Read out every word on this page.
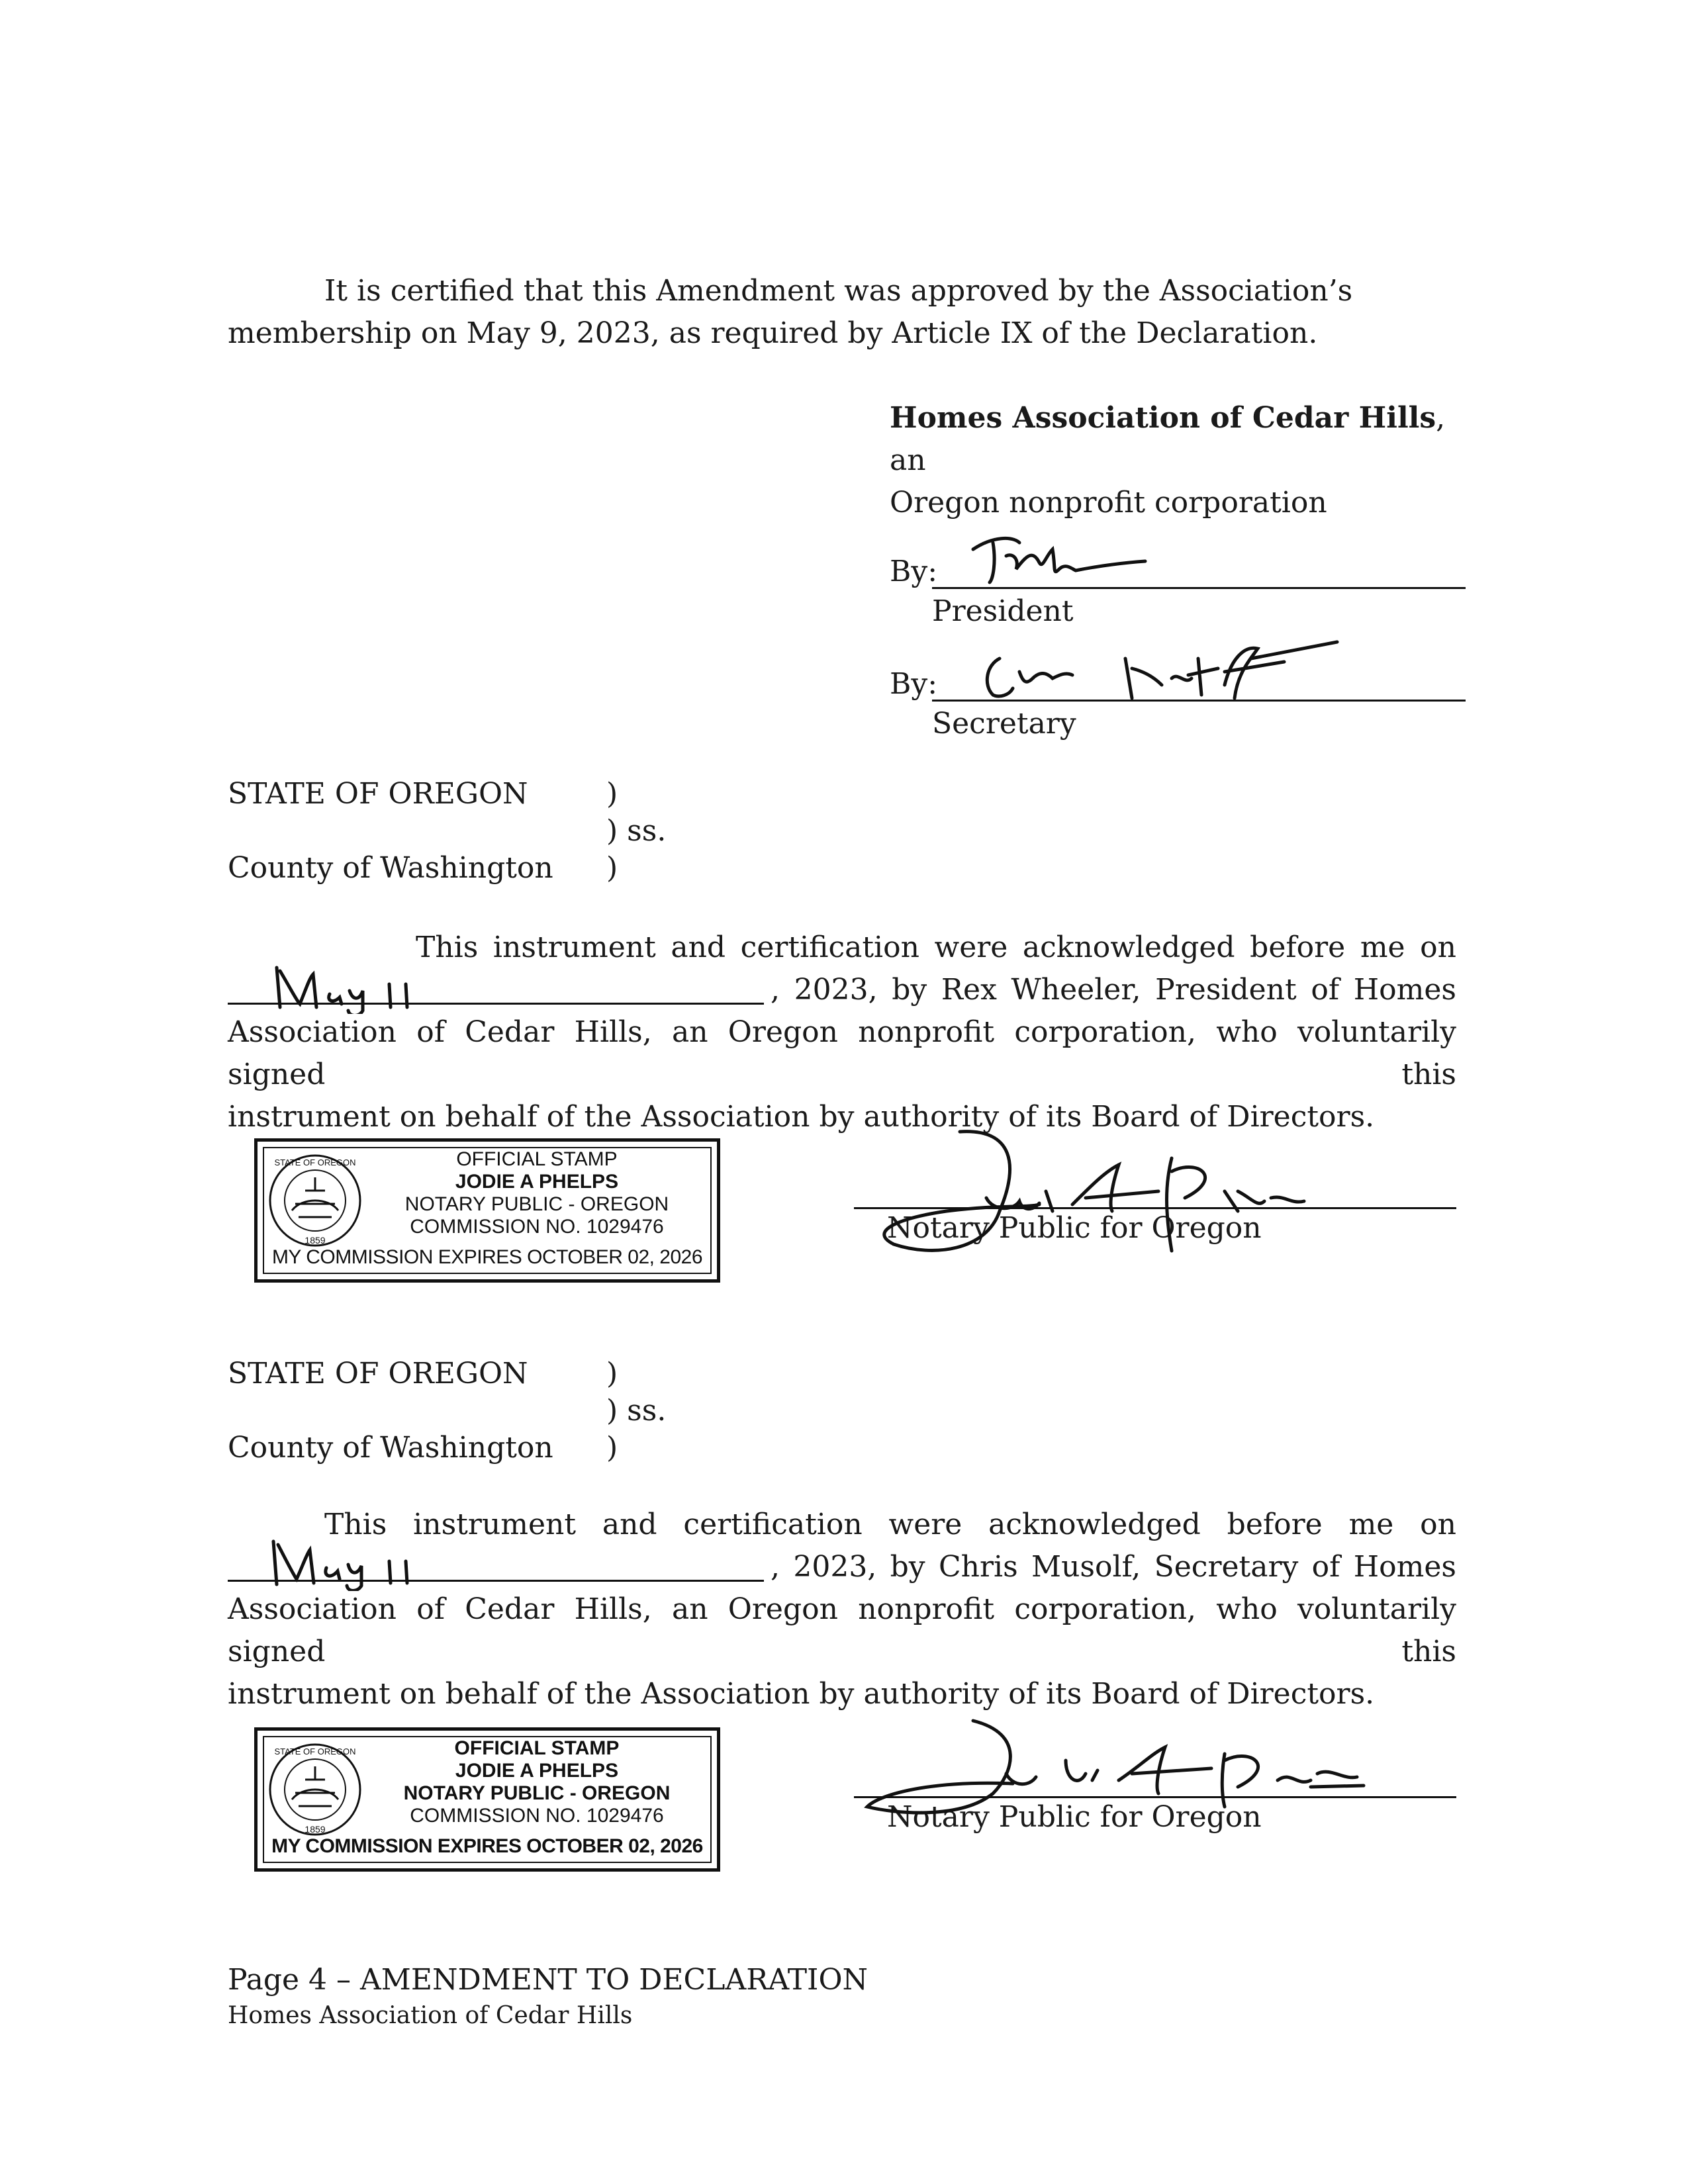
It is certified that this Amendment was approved by the Association’s membership on May 9, 2023, as required by Article IX of the Declaration.

Homes Association of Cedar Hills, an
Oregon nonprofit corporation
By:
President
By:
Secretary
STATE OF OREGON	)
) ss.
County of Washington )
This instrument and certification were acknowledged before me on
, 2023, by Rex Wheeler, President of Homes
Association of Cedar Hills, an Oregon nonprofit corporation, who voluntarily signed this
instrument on behalf of the Association by authority of its Board of Directors.
STATE OF OREGON
1859
OFFICIAL STAMP
JODIE A PHELPS
NOTARY PUBLIC - OREGON
COMMISSION NO. 1029476
MY COMMISSION EXPIRES OCTOBER 02, 2026
Notary Public for Oregon
STATE OF OREGON	)
) ss.
County of Washington )
This instrument and certification were acknowledged before me on
, 2023, by Chris Musolf, Secretary of Homes
Association of Cedar Hills, an Oregon nonprofit corporation, who voluntarily signed this
instrument on behalf of the Association by authority of its Board of Directors.
STATE OF OREGON
1859
OFFICIAL STAMP
JODIE A PHELPS
NOTARY PUBLIC - OREGON
COMMISSION NO. 1029476
MY COMMISSION EXPIRES OCTOBER 02, 2026
Notary Public for Oregon
Page 4 – AMENDMENT TO DECLARATION
Homes Association of Cedar Hills
